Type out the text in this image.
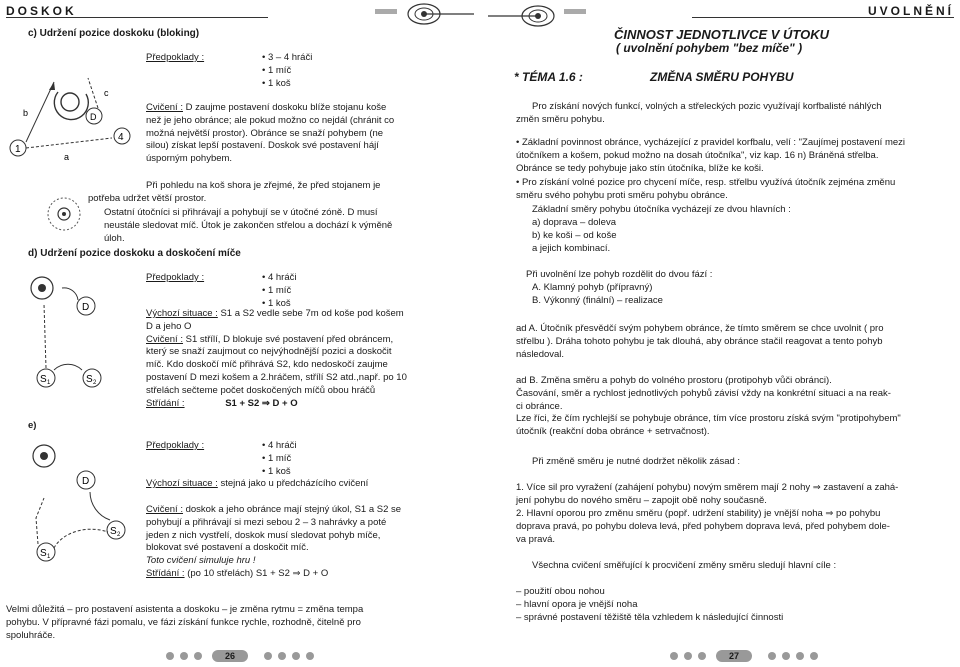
DOSKOK
c) Udržení pozice doskoku (bloking)
1
b	D
c
4
a
Předpoklady :	• 3 – 4 hráči
• 1 míč
• 1 koš
Cvičení : D zaujme postavení doskoku blíže stojanu koše
než je jeho obránce; ale pokud možno co nejdál (chránit co
možná největší prostor). Obránce se snaží pohybem (ne
silou) získat lepší postavení. Doskok své postavení hájí
úsporným pohybem.
Při pohledu na koš shora je zřejmé, že před stojanem je
potřeba udržet větší prostor.
Ostatní útočníci si přihrávají a pohybují se v útočné zóně. D musí
neustále sledovat míč. Útok je zakončen střelou a dochází k výměně
úloh.
d) Udržení pozice doskoku a doskočení míče
D
S 1	S 2
Předpoklady :	• 4 hráči
• 1 míč
• 1 koš
Výchozí situace : S1 a S2 vedle sebe 7m od koše pod košem
D a jeho O
Cvičení : S1 střílí, D blokuje své postavení před obráncem,
který se snaží zaujmout co nejvýhodnější pozici a doskočit
míč. Kdo doskočí míč přihrává S2, kdo nedoskočí zaujme
postavení D mezi košem a 2.hráčem, střílí S2 atd.,např. po 10
střelách sečteme počet doskočených míčů obou hráčů
Střídání :	S1 + S2 ⇒ D + O
e)
D
S 1
S 2
Předpoklady :	• 4 hráči
• 1 míč
• 1 koš
Výchozí situace : stejná jako u předcházícího cvičení
Cvičení : doskok a jeho obránce mají stejný úkol, S1 a S2 se
pohybují a přihrávají si mezi sebou 2 – 3 nahrávky a poté
jeden z nich vystřelí, doskok musí sledovat pohyb míče,
blokovat své postavení a doskočit míč.
Toto cvičení simuluje hru !
Střídání : (po 10 střelách) S1 + S2 ⇒ D + O
Velmi důležitá – pro postavení asistenta a doskoku – je změna rytmu = změna tempa
pohybu. V přípravné fázi pomalu, ve fázi získání funkce rychle, rozhodně, čitelně pro
spoluhráče.
26
UVOLNĚNÍ
ČINNOST JEDNOTLIVCE V ÚTOKU
( uvolnění pohybem "bez míče" )
* TÉMA 1.6 :	ZMĚNA SMĚRU POHYBU
Pro získání nových funkcí, volných a střeleckých pozic využívají korfbalisté náhlých
změn směru pohybu.
• Základní povinnost obránce, vycházející z pravidel korfbalu, velí : "Zaujímej postavení mezi
útočníkem a košem, pokud možno na dosah útočníka", viz kap. 16 n) Bráněná střelba.
Obránce se tedy pohybuje jako stín útočníka, blíže ke koši.
• Pro získání volné pozice pro chycení míče, resp. střelbu využívá útočník zejména změnu
směru svého pohybu proti směru pohybu obránce.
Základní směry pohybu útočníka vycházejí ze dvou hlavních :
a) doprava – doleva
b) ke koši – od koše
a jejich kombinací.
Při uvolnění lze pohyb rozdělit do dvou fází :
A. Klamný pohyb (přípravný)
B. Výkonný (finální) – realizace
ad A. Útočník přesvědčí svým pohybem obránce, že tímto směrem se chce uvolnit ( pro
střelbu ). Dráha tohoto pohybu je tak dlouhá, aby obránce stačil reagovat a tento pohyb
následoval.
ad B. Změna směru a pohyb do volného prostoru (protipohyb vůči obránci).
Časování, směr a rychlost jednotlivých pohybů závisí vždy na konkrétní situaci a na reak-
ci obránce.
Lze říci, že čím rychlejší se pohybuje obránce, tím více prostoru získá svým "protipohybem"
útočník (reakční doba obránce + setrvačnost).
Při změně směru je nutné dodržet několik zásad :
1. Více sil pro vyražení (zahájení pohybu) novým směrem mají 2 nohy ⇒ zastavení a zahá-
jení pohybu do nového směru – zapojit obě nohy současně.
2. Hlavní oporou pro změnu směru (popř. udržení stability) je vnější noha ⇒ po pohybu
doprava pravá, po pohybu doleva levá, před pohybem doprava levá, před pohybem dole-
va pravá.
Všechna cvičení směřující k procvičení změny směru sledují hlavní cíle :
– použití obou nohou
– hlavní opora je vnější noha
– správné postavení těžiště těla vzhledem k následující činnosti
27
